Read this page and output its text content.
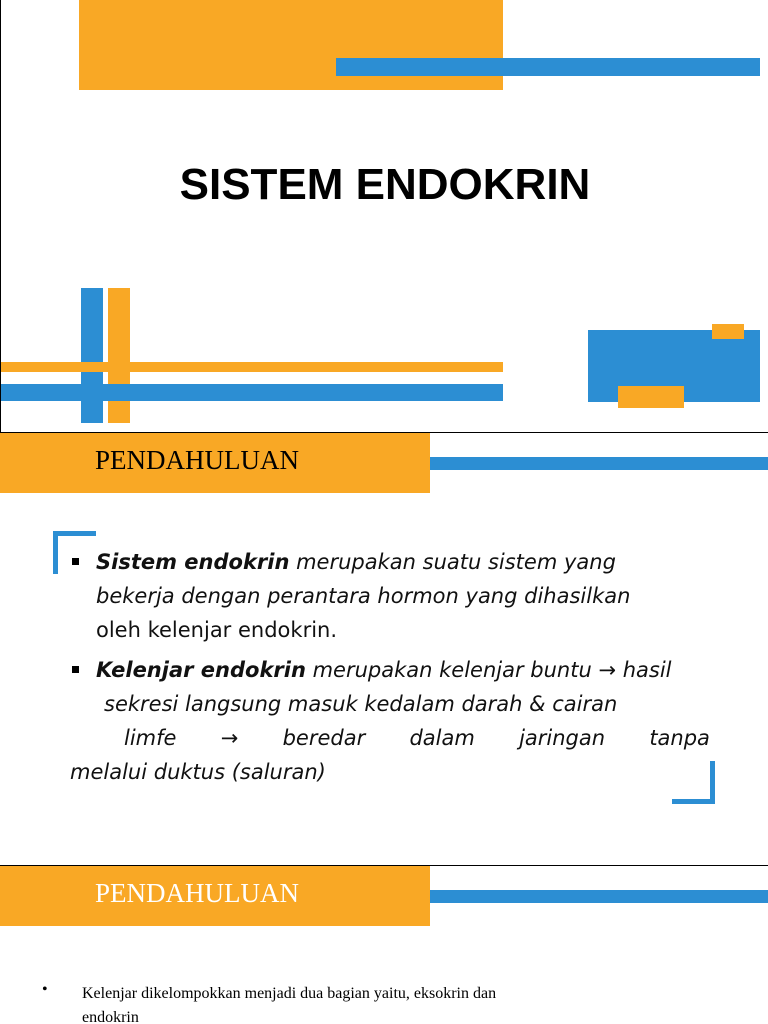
SISTEM ENDOKRIN
PENDAHULUAN
Sistem endokrin merupakan suatu sistem yang
bekerja dengan perantara hormon yang dihasilkan
oleh kelenjar endokrin.
Kelenjar endokrin merupakan kelenjar buntu → hasil
sekresi langsung masuk kedalam darah & cairan
limfe → beredar dalam jaringan tanpa
melalui duktus (saluran)
PENDAHULUAN
•	Kelenjar dikelompokkan menjadi dua bagian yaitu, eksokrin dan
endokrin
